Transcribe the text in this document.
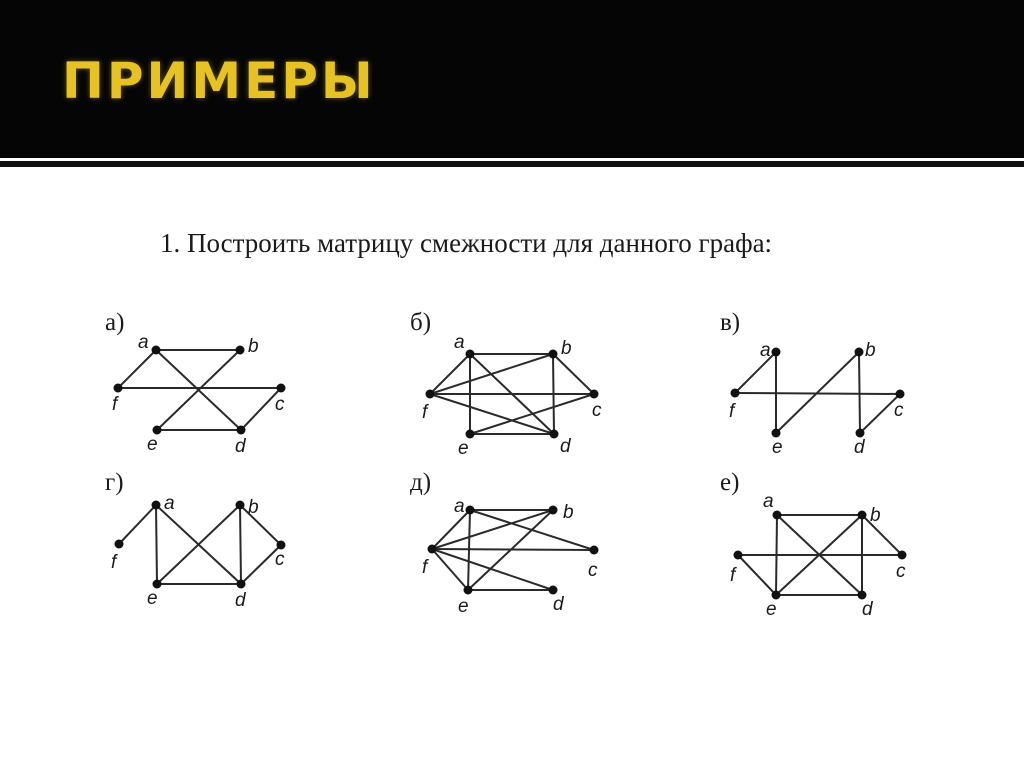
ПРИМЕРЫ
1. Построить матрицу смежности для данного графа:
а)
a	b
c
d
e
f
б)
a	b
c
d
e
f
в)
a	b
c
d
e
f
г)
a	b
c
d
e
f
д)
a	b
c
d
e
f
е)
a
b
c
d
e
f
